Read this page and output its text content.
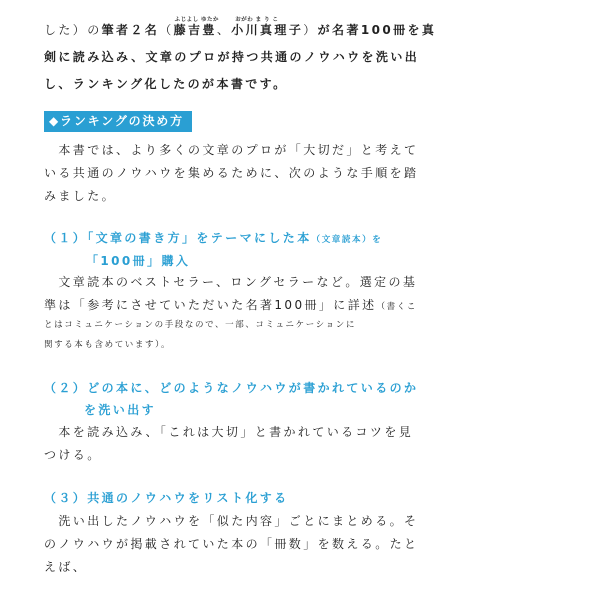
した）の筆者２名（
ふじよし ゆたか
藤吉豊、
おがわ ま り こ
小川真理子）が名著100冊を真
剣に読み込み、文章のプロが持つ共通のノウハウを洗い出
し、ランキング化したのが本書です。
◆ランキングの決め方
　本書では、より多くの文章のプロが「大切だ」と考えて
いる共通のノウハウを集めるために、次のような手順を踏
みました。
（１）「文章の書き方」をテーマにした本（文章読本）を
「100冊」購入
　文章読本のベストセラー、ロングセラーなど。選定の基
準は「参考にさせていただいた名著100冊」に詳述（書くこ
とはコミュニケーションの手段なので、一部、コミュニケーションに
関する本も含めています）。
（２）どの本に、どのようなノウハウが書かれているのか
を洗い出す
　本を読み込み、「これは大切」と書かれているコツを見
つける。
（３）共通のノウハウをリスト化する
　洗い出したノウハウを「似た内容」ごとにまとめる。そ
のノウハウが掲載されていた本の「冊数」を数える。たと
えば、
